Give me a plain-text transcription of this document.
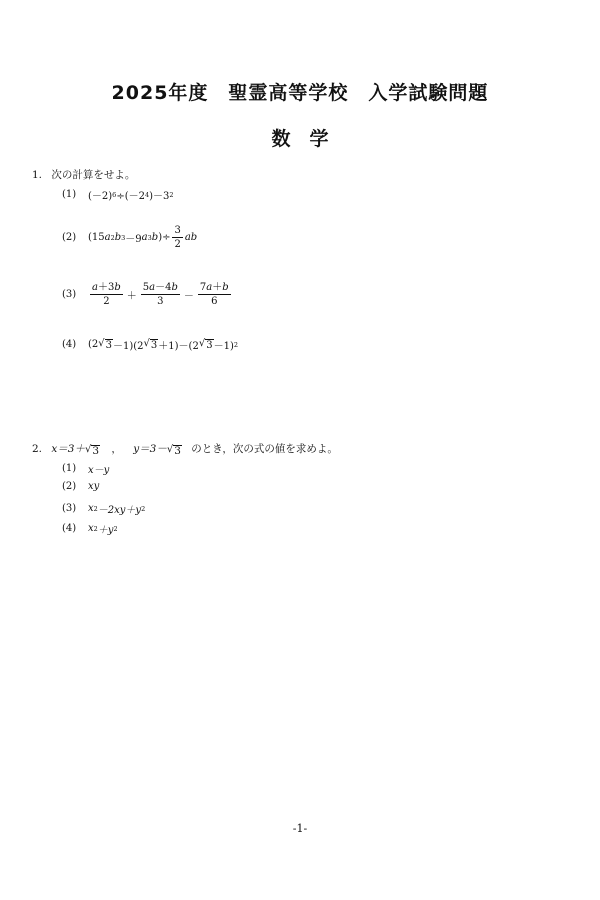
2025年度　聖霊高等学校　入学試験問題
数　学
1. 次の計算をせよ。
(1)	(－2) 6 ÷(－2 4 )－3 2
(2)	(15 a 2 b 3 －9 a 3 b )÷ $\frac{3}{2}$ ab
(3)	$\frac{a+3b}{2} + \frac{5a-4b}{3} - \frac{7a+b}{6}$
(4)	(2 √ 3 －1)(2 √ 3 ＋1)－(2 √ 3 －1) 2
2. x＝3＋ √ 3 ， y＝3－ √ 3 のとき，次の式の値を求めよ。
(1)	x－y
(2)	xy
(3)	x 2 －2xy＋y 2
(4)	x 2 ＋y 2
-1-
